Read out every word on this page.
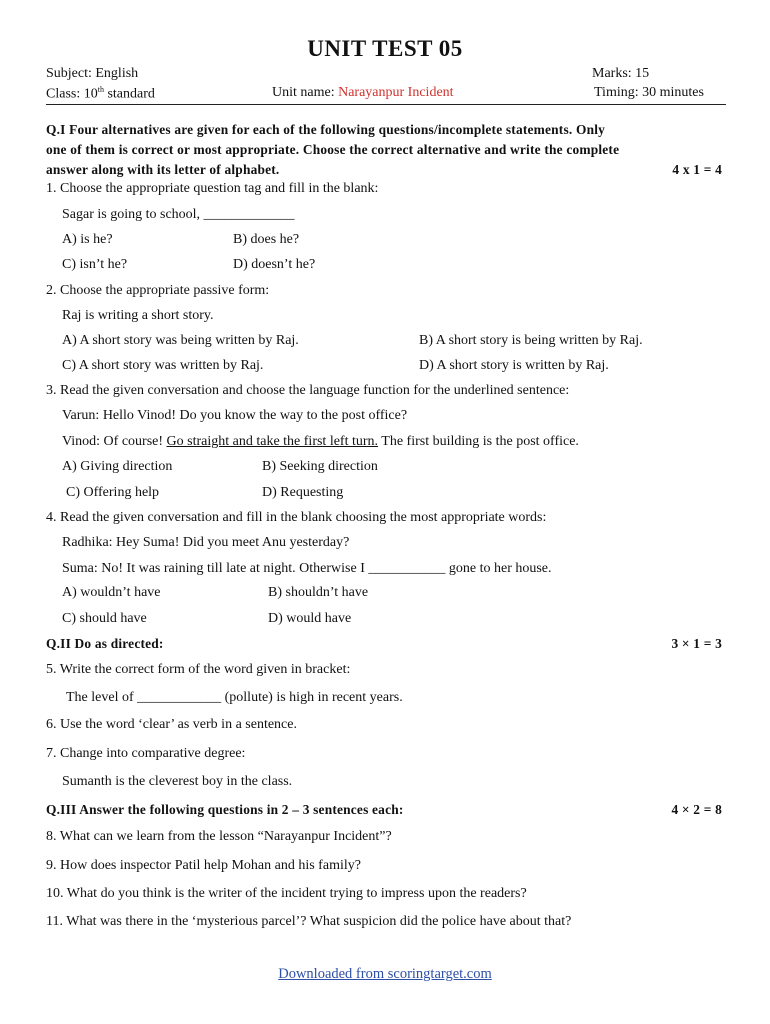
UNIT TEST 05
Subject: English
Class: 10th standard	Unit name: Narayanpur Incident
Marks: 15
Timing: 30 minutes
Q.I Four alternatives are given for each of the following questions/incomplete statements. Only
one of them is correct or most appropriate. Choose the correct alternative and write the complete
answer along with its letter of alphabet.	4 x 1 = 4
1. Choose the appropriate question tag and fill in the blank:
Sagar is going to school, _____________
A) is he?	B) does he?
C) isn’t he?	D) doesn’t he?
2. Choose the appropriate passive form:
Raj is writing a short story.
A) A short story was being written by Raj.	B) A short story is being written by Raj.
C) A short story was written by Raj.	D) A short story is written by Raj.
3. Read the given conversation and choose the language function for the underlined sentence:
Varun: Hello Vinod! Do you know the way to the post office?
Vinod: Of course! Go straight and take the first left turn. The first building is the post office.
A) Giving direction	B) Seeking direction
C) Offering help	D) Requesting
4. Read the given conversation and fill in the blank choosing the most appropriate words:
Radhika: Hey Suma! Did you meet Anu yesterday?
Suma: No! It was raining till late at night. Otherwise I ___________ gone to her house.
A) wouldn’t have	B) shouldn’t have
C) should have	D) would have
Q.II Do as directed:	3 × 1 = 3
5. Write the correct form of the word given in bracket:
The level of ____________ (pollute) is high in recent years.
6. Use the word ‘clear’ as verb in a sentence.
7. Change into comparative degree:
Sumanth is the cleverest boy in the class.
Q.III Answer the following questions in 2 – 3 sentences each:	4 × 2 = 8
8. What can we learn from the lesson “Narayanpur Incident”?
9. How does inspector Patil help Mohan and his family?
10. What do you think is the writer of the incident trying to impress upon the readers?
11. What was there in the ‘mysterious parcel’? What suspicion did the police have about that?
Downloaded from scoringtarget.com
